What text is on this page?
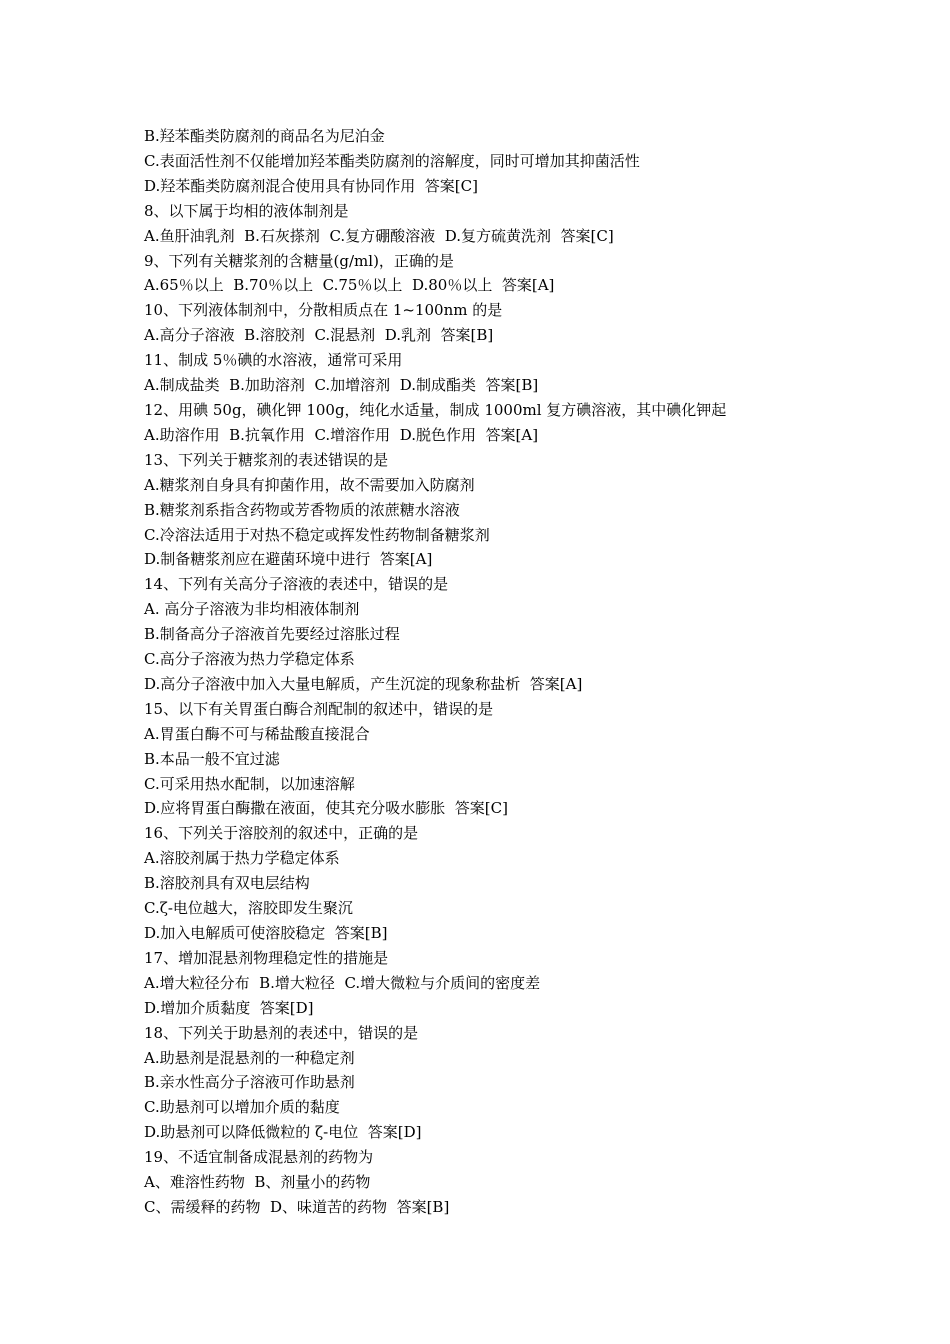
B.羟苯酯类防腐剂的商品名为尼泊金
C.表面活性剂不仅能增加羟苯酯类防腐剂的溶解度，同时可增加其抑菌活性
D.羟苯酯类防腐剂混合使用具有协同作用  答案[C]
8、以下属于均相的液体制剂是
A.鱼肝油乳剂  B.石灰搽剂  C.复方硼酸溶液  D.复方硫黄洗剂  答案[C]
9、下列有关糖浆剂的含糖量(g/ml)，正确的是
A.65％以上  B.70％以上  C.75％以上  D.80％以上  答案[A]
10、下列液体制剂中，分散相质点在 1~100nm 的是
A.高分子溶液  B.溶胶剂  C.混悬剂  D.乳剂  答案[B]
11、制成 5％碘的水溶液，通常可采用
A.制成盐类  B.加助溶剂  C.加增溶剂  D.制成酯类  答案[B]
12、用碘 50g，碘化钾 100g，纯化水适量，制成 1000ml 复方碘溶液，其中碘化钾起
A.助溶作用  B.抗氧作用  C.增溶作用  D.脱色作用  答案[A]
13、下列关于糖浆剂的表述错误的是
A.糖浆剂自身具有抑菌作用，故不需要加入防腐剂
B.糖浆剂系指含药物或芳香物质的浓蔗糖水溶液
C.冷溶法适用于对热不稳定或挥发性药物制备糖浆剂
D.制备糖浆剂应在避菌环境中进行  答案[A]
14、下列有关高分子溶液的表述中，错误的是
A. 高分子溶液为非均相液体制剂
B.制备高分子溶液首先要经过溶胀过程
C.高分子溶液为热力学稳定体系
D.高分子溶液中加入大量电解质，产生沉淀的现象称盐析  答案[A]
15、以下有关胃蛋白酶合剂配制的叙述中，错误的是
A.胃蛋白酶不可与稀盐酸直接混合
B.本品一般不宜过滤
C.可采用热水配制，以加速溶解
D.应将胃蛋白酶撒在液面，使其充分吸水膨胀  答案[C]
16、下列关于溶胶剂的叙述中，正确的是
A.溶胶剂属于热力学稳定体系
B.溶胶剂具有双电层结构
C.ζ-电位越大，溶胶即发生聚沉
D.加入电解质可使溶胶稳定  答案[B]
17、增加混悬剂物理稳定性的措施是
A.增大粒径分布  B.增大粒径  C.增大微粒与介质间的密度差
D.增加介质黏度  答案[D]
18、下列关于助悬剂的表述中，错误的是
A.助悬剂是混悬剂的一种稳定剂
B.亲水性高分子溶液可作助悬剂
C.助悬剂可以增加介质的黏度
D.助悬剂可以降低微粒的 ζ-电位  答案[D]
19、不适宜制备成混悬剂的药物为
A、难溶性药物  B、剂量小的药物
C、需缓释的药物  D、味道苦的药物  答案[B]
